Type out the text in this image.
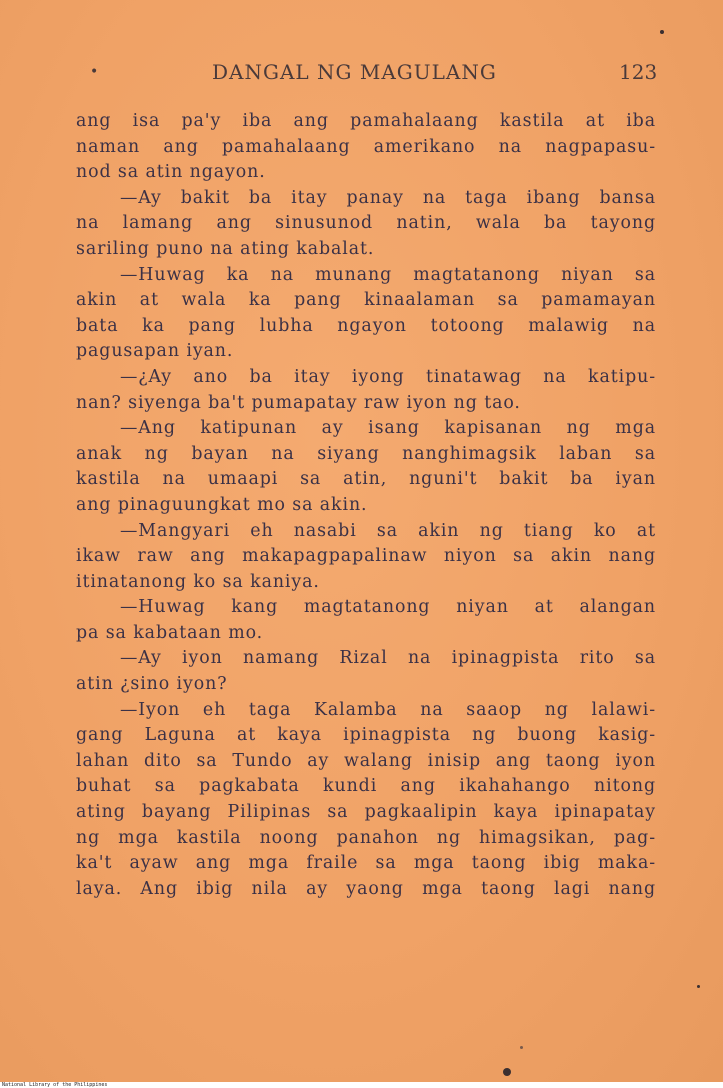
•	DANGAL NG MAGULANG	123
ang isa pa'y iba ang pamahalaang kastila at iba
naman ang pamahalaang amerikano na nagpapasu-
nod sa atin ngayon.
—Ay bakit ba itay panay na taga ibang bansa
na lamang ang sinusunod natin, wala ba tayong
sariling puno na ating kabalat.
—Huwag ka na munang magtatanong niyan sa
akin at wala ka pang kinaalaman sa pamamayan
bata ka pang lubha ngayon totoong malawig na
pagusapan iyan.
—¿Ay ano ba itay iyong tinatawag na katipu-
nan? siyenga ba't pumapatay raw iyon ng tao.
—Ang katipunan ay isang kapisanan ng mga
anak ng bayan na siyang nanghimagsik laban sa
kastila na umaapi sa atin, nguni't bakit ba iyan
ang pinaguungkat mo sa akin.
—Mangyari eh nasabi sa akin ng tiang ko at
ikaw raw ang makapagpapalinaw niyon sa akin nang
itinatanong ko sa kaniya.
—Huwag kang magtatanong niyan at alangan
pa sa kabataan mo.
—Ay iyon namang Rizal na ipinagpista rito sa
atin ¿sino iyon?
—Iyon eh taga Kalamba na saaop ng lalawi-
gang Laguna at kaya ipinagpista ng buong kasig-
lahan dito sa Tundo ay walang inisip ang taong iyon
buhat sa pagkabata kundi ang ikahahango nitong
ating bayang Pilipinas sa pagkaalipin kaya ipinapatay
ng mga kastila noong panahon ng himagsikan, pag-
ka't ayaw ang mga fraile sa mga taong ibig maka-
laya. Ang ibig nila ay yaong mga taong lagi nang
National Library of the Philippines
